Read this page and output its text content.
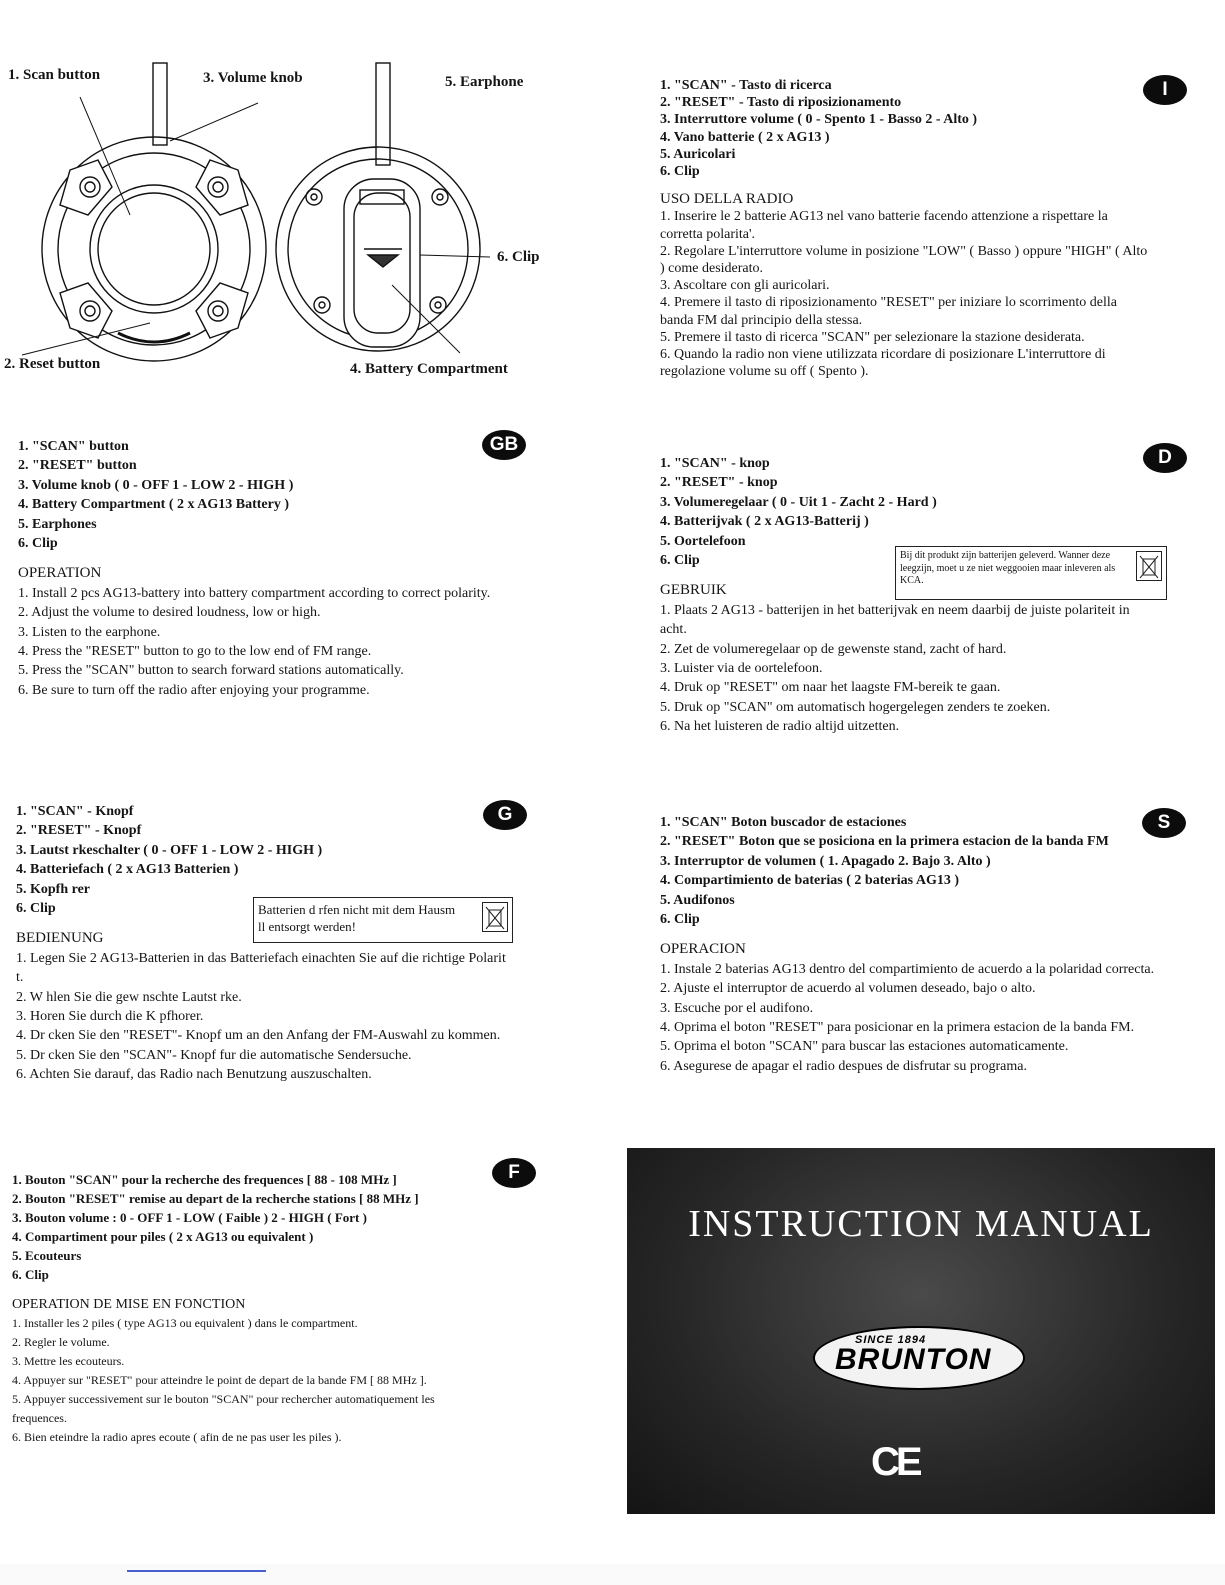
1. Scan button	3. Volume knob	5. Earphone
6. Clip
2. Reset button	4. Battery Compartment
1. "SCAN" button
2. "RESET" button
3. Volume knob ( 0 - OFF 1 - LOW 2 - HIGH )
4. Battery Compartment ( 2 x AG13 Battery )
5. Earphones
6. Clip
OPERATION
1. Install 2 pcs AG13-battery into battery compartment according to correct polarity.
2. Adjust the volume to desired loudness, low or high.
3. Listen to the earphone.
4. Press the "RESET" button to go to the low end of FM range.
5. Press the "SCAN" button to search forward stations automatically.
6. Be sure to turn off the radio after enjoying your programme.
GB
1. "SCAN" - Knopf
2. "RESET" - Knopf
3. Lautst rkeschalter ( 0 - OFF 1 - LOW 2 - HIGH )
4. Batteriefach ( 2 x AG13 Batterien )
5. Kopfh rer
6. Clip
BEDIENUNG
1. Legen Sie 2 AG13-Batterien in das Batteriefach einachten Sie auf die richtige Polarit t.
2. W hlen Sie die gew nschte Lautst rke.
3. Horen Sie durch die K pfhorer.
4. Dr cken Sie den "RESET"- Knopf um an den Anfang der FM-Auswahl zu kommen.
5. Dr cken Sie den "SCAN"- Knopf fur die automatische Sendersuche.
6. Achten Sie darauf, das Radio nach Benutzung auszuschalten.
G
Batterien d rfen nicht mit dem Hausm ll entsorgt werden!
1. Bouton "SCAN" pour la recherche des frequences [ 88 - 108 MHz ]
2. Bouton "RESET" remise au depart de la recherche stations [ 88 MHz ]
3. Bouton volume : 0 - OFF 1 - LOW ( Faible ) 2 - HIGH ( Fort )
4. Compartiment pour piles ( 2 x AG13 ou equivalent )
5. Ecouteurs
6. Clip
OPERATION DE MISE EN FONCTION
1. Installer les 2 piles ( type AG13 ou equivalent ) dans le compartment.
2. Regler le volume.
3. Mettre les ecouteurs.
4. Appuyer sur "RESET" pour atteindre le point de depart de la bande FM [ 88 MHz ].
5. Appuyer successivement sur le bouton "SCAN" pour rechercher automatiquement les frequences.
6. Bien eteindre la radio apres ecoute ( afin de ne pas user les piles ).
F
1. "SCAN" - Tasto di ricerca
2. "RESET" - Tasto di riposizionamento
3. Interruttore volume ( 0 - Spento 1 - Basso 2 - Alto )
4. Vano batterie ( 2 x AG13 )
5. Auricolari
6. Clip
USO DELLA RADIO
1. Inserire le 2 batterie AG13 nel vano batterie facendo attenzione a rispettare la corretta polarita'.
2. Regolare L'interruttore volume in posizione "LOW" ( Basso ) oppure "HIGH" ( Alto ) come desiderato.
3. Ascoltare con gli auricolari.
4. Premere il tasto di riposizionamento "RESET" per iniziare lo scorrimento della banda FM dal principio della stessa.
5. Premere il tasto di ricerca "SCAN" per selezionare la stazione desiderata.
6. Quando la radio non viene utilizzata ricordare di posizionare L'interruttore di regolazione volume su off ( Spento ).
I
1. "SCAN" - knop
2. "RESET" - knop
3. Volumeregelaar ( 0 - Uit 1 - Zacht 2 - Hard )
4. Batterijvak ( 2 x AG13-Batterij )
5. Oortelefoon
6. Clip
GEBRUIK
1. Plaats 2 AG13 - batterijen in het batterijvak en neem daarbij de juiste polariteit in acht.
2. Zet de volumeregelaar op de gewenste stand, zacht of hard.
3. Luister via de oortelefoon.
4. Druk op "RESET" om naar het laagste FM-bereik te gaan.
5. Druk op "SCAN" om automatisch hogergelegen zenders te zoeken.
6. Na het luisteren de radio altijd uitzetten.
D
Bij dit produkt zijn batterijen geleverd. Wanner deze leegzijn, moet u ze niet weggooien maar inleveren als KCA.
1. "SCAN" Boton buscador de estaciones
2. "RESET" Boton que se posiciona en la primera estacion de la banda FM
3. Interruptor de volumen ( 1. Apagado 2. Bajo 3. Alto )
4. Compartimiento de baterias ( 2 baterias AG13 )
5. Audifonos
6. Clip
OPERACION
1. Instale 2 baterias AG13 dentro del compartimiento de acuerdo a la polaridad correcta.
2. Ajuste el interruptor de acuerdo al volumen deseado, bajo o alto.
3. Escuche por el audifono.
4. Oprima el boton "RESET" para posicionar en la primera estacion de la banda FM.
5. Oprima el boton "SCAN" para buscar las estaciones automaticamente.
6. Asegurese de apagar el radio despues de disfrutar su programa.
S
INSTRUCTION MANUAL
SINCE 1894
BRUNTON
CE
